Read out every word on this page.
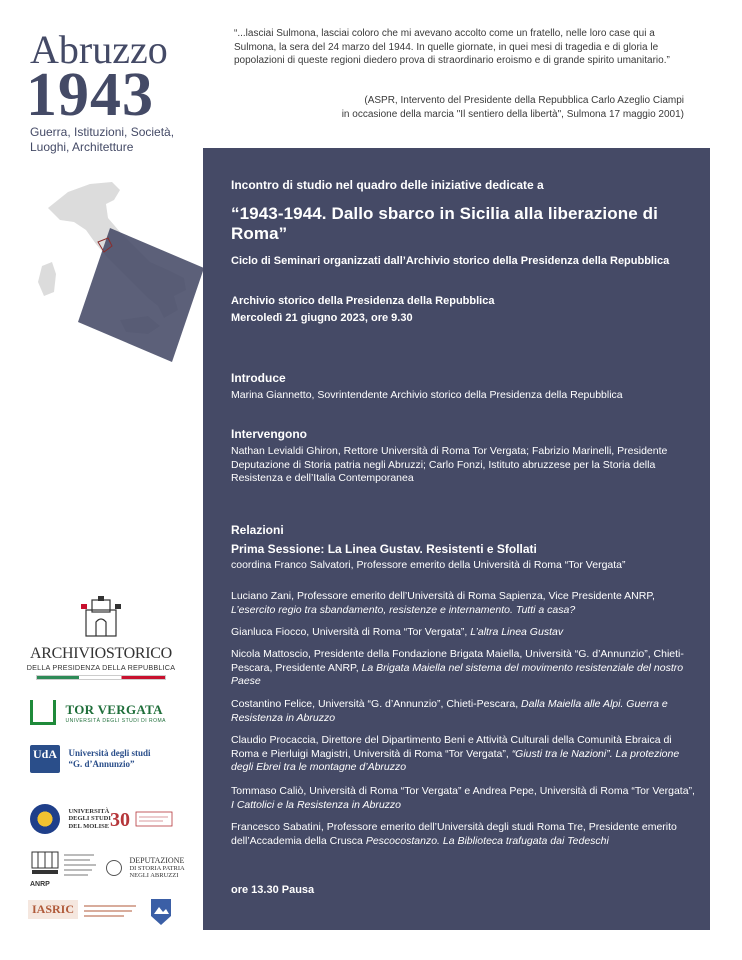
Abruzzo
1943
Guerra, Istituzioni, Società,
Luoghi, Architetture
“...lasciai Sulmona, lasciai coloro che mi avevano accolto come un fratello, nelle loro case qui a Sulmona, la sera del 24 marzo del 1944. In quelle giornate, in quei mesi di tragedia e di gloria le popolazioni di queste regioni diedero prova di straordinario eroismo e di grande spirito umanitario.”
(ASPR, Intervento del Presidente della Repubblica Carlo Azeglio Ciampi
in occasione della marcia "Il sentiero della libertà", Sulmona 17 maggio 2001)
Incontro di studio nel quadro delle iniziative dedicate a
“1943-1944. Dallo sbarco in Sicilia alla liberazione di Roma”
Ciclo di Seminari organizzati dall’Archivio storico della Presidenza della Repubblica
Archivio storico della Presidenza della Repubblica
Mercoledì 21 giugno 2023, ore 9.30
Introduce
Marina Giannetto, Sovrintendente Archivio storico della Presidenza della Repubblica
Intervengono
Nathan Levialdi Ghiron, Rettore Università di Roma Tor Vergata; Fabrizio Marinelli, Presidente Deputazione di Storia patria negli Abruzzi; Carlo Fonzi, Istituto abruzzese per la Storia della Resistenza e dell’Italia Contemporanea
Relazioni
Prima Sessione: La Linea Gustav. Resistenti e Sfollati
coordina Franco Salvatori, Professore emerito della Università di Roma “Tor Vergata”
Luciano Zani, Professore emerito dell’Università di Roma Sapienza, Vice Presidente ANRP, L’esercito regio tra sbandamento, resistenze e internamento. Tutti a casa?
Gianluca Fiocco, Università di Roma “Tor Vergata”, L’altra Linea Gustav
Nicola Mattoscio, Presidente della Fondazione Brigata Maiella, Università “G. d’Annunzio”, Chieti-Pescara, Presidente ANRP, La Brigata Maiella nel sistema del movimento resistenziale del nostro Paese
Costantino Felice, Università “G. d’Annunzio”, Chieti-Pescara, Dalla Maiella alle Alpi. Guerra e Resistenza in Abruzzo
Claudio Procaccia, Direttore del Dipartimento Beni e Attività Culturali della Comunità Ebraica di Roma e Pierluigi Magistri, Università di Roma “Tor Vergata”, “Giusti tra le Nazioni”. La protezione degli Ebrei tra le montagne d’Abruzzo
Tommaso Caliò, Università di Roma “Tor Vergata” e Andrea Pepe, Università di Roma “Tor Vergata”, I Cattolici e la Resistenza in Abruzzo
Francesco Sabatini, Professore emerito dell’Università degli studi Roma Tre, Presidente emerito dell’Accademia della Crusca Pescocostanzo. La Biblioteca trafugata dai Tedeschi
ore 13.30 Pausa
ARCHIVIOSTORICO
DELLA PRESIDENZA DELLA REPUBBLICA

TOR VERGATA
UNIVERSITÀ DEGLI STUDI DI ROMA
UdA Università degli studi
“G. d’Annunzio”

UNIVERSITÀ
DEGLI STUDI
DEL MOLISE 30
ANRP

DEPUTAZIONE
DI STORIA PATRIA
NEGLI ABRUZZI
IASRIC
